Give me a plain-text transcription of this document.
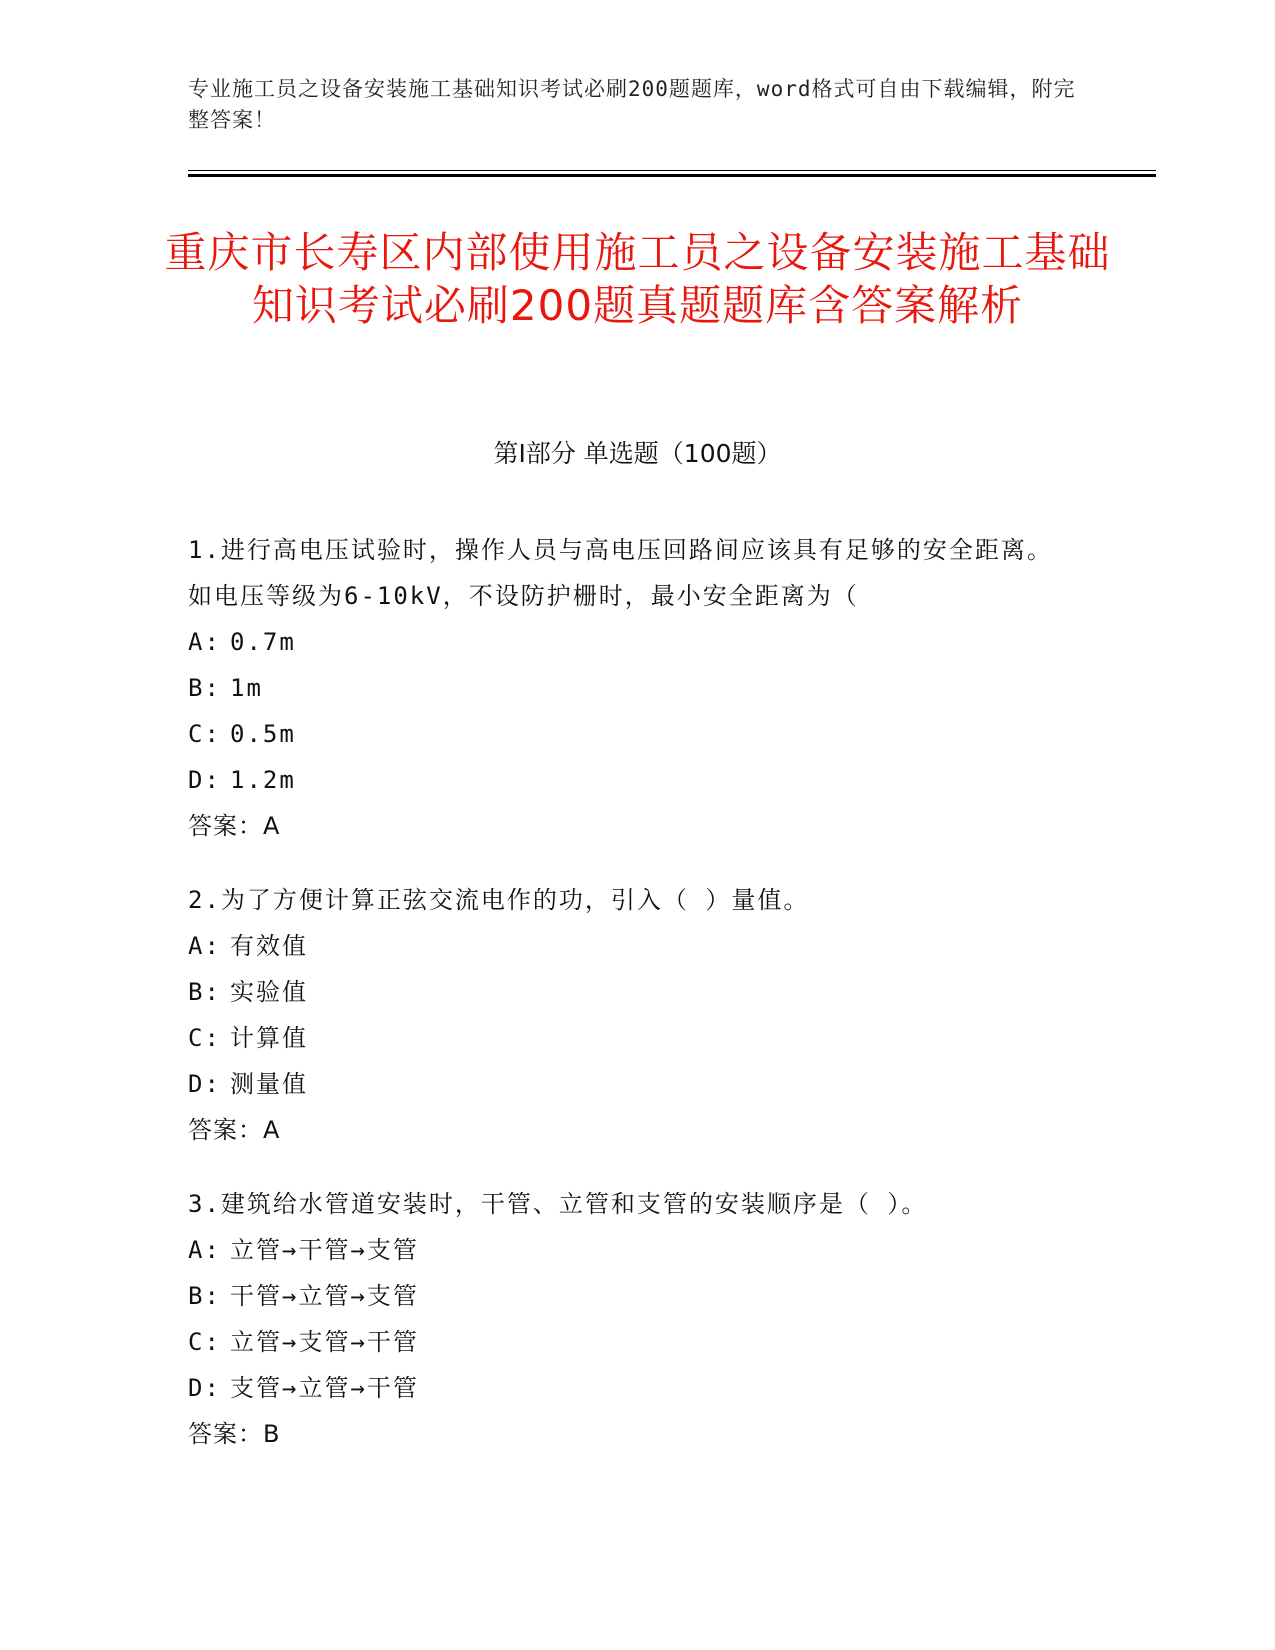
专业施工员之设备安装施工基础知识考试必刷200题题库，word格式可自由下载编辑，附完整答案！

重庆市长寿区内部使用施工员之设备安装施工基础知识考试必刷200题真题题库含答案解析
第Ⅰ部分 单选题（100题）

1.进行高电压试验时，操作人员与高电压回路间应该具有足够的安全距离。如电压等级为6-10kV，不设防护栅时，最小安全距离为（

A: 0.7m

B: 1m

C: 0.5m

D: 1.2m

答案：A

2.为了方便计算正弦交流电作的功，引入（ ）量值。

A: 有效值

B: 实验值

C: 计算值

D: 测量值

答案：A

3.建筑给水管道安装时，干管、立管和支管的安装顺序是（ ）。

A: 立管→干管→支管

B: 干管→立管→支管

C: 立管→支管→干管

D: 支管→立管→干管

答案：B
